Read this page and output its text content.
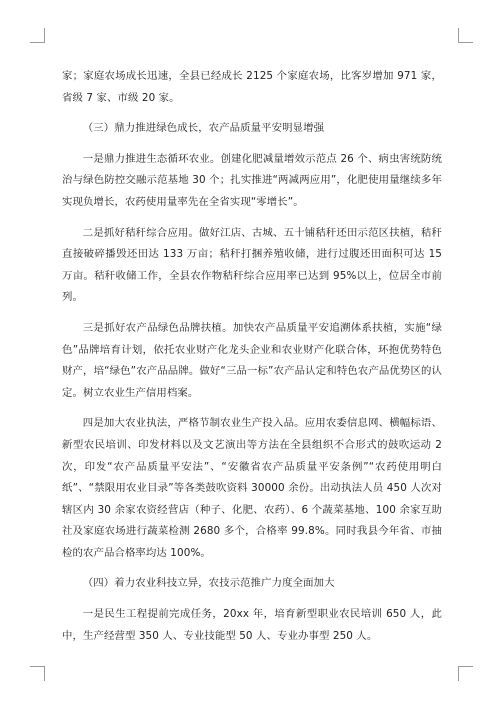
家；家庭农场成长迅速，全县已经成长 2125 个家庭农场，比客岁增加 971 家，省级 7 家、市级 20 家。

（三）鼎力推进绿色成长，农产品质量平安明显增强

一是鼎力推进生态循环农业。创建化肥减量增效示范点 26 个、病虫害统防统治与绿色防控交融示范基地 30 个；扎实推进“两减两应用”，化肥使用量继续多年实现负增长，农药使用量率先在全省实现“零增长”。

二是抓好秸秆综合应用。做好江店、古城、五十铺秸秆还田示范区扶植，秸秆直接破碎播毁还田达 133 万亩；秸秆打捆养殖收储，进行过腹还田面积可达 15 万亩。秸秆收储工作，全县农作物秸秆综合应用率已达到 95%以上，位居全市前列。

三是抓好农产品绿色品牌扶植。加快农产品质量平安追溯体系扶植，实施“绿色”品牌培育计划，依托农业财产化龙头企业和农业财产化联合体，环抱优势特色财产，培“绿色”农产品品牌。做好“三品一标”农产品认定和特色农产品优势区的认定。树立农业生产信用档案。

四是加大农业执法，严格节制农业生产投入品。应用农委信息网、横幅标语、新型农民培训、印发材料以及文艺演出等方法在全县组织不合形式的鼓吹运动 2 次，印发“农产品质量平安法”、“安徽省农产品质量平安条例”“农药使用明白纸”、“禁限用农业目录”等各类鼓吹资料 30000 余份。出动执法人员 450 人次对辖区内 30 余家农资经营店（种子、化肥、农药）、6 个蔬菜基地、100 余家互助社及家庭农场进行蔬菜检测 2680 多个，合格率 99.8%。同时我县今年省、市抽检的农产品合格率均达 100%。

（四）着力农业科技立异，农技示范推广力度全面加大

一是民生工程提前完成任务，20xx 年，培育新型职业农民培训 650 人，此中，生产经营型 350 人、专业技能型 50 人、专业办事型 250 人。
